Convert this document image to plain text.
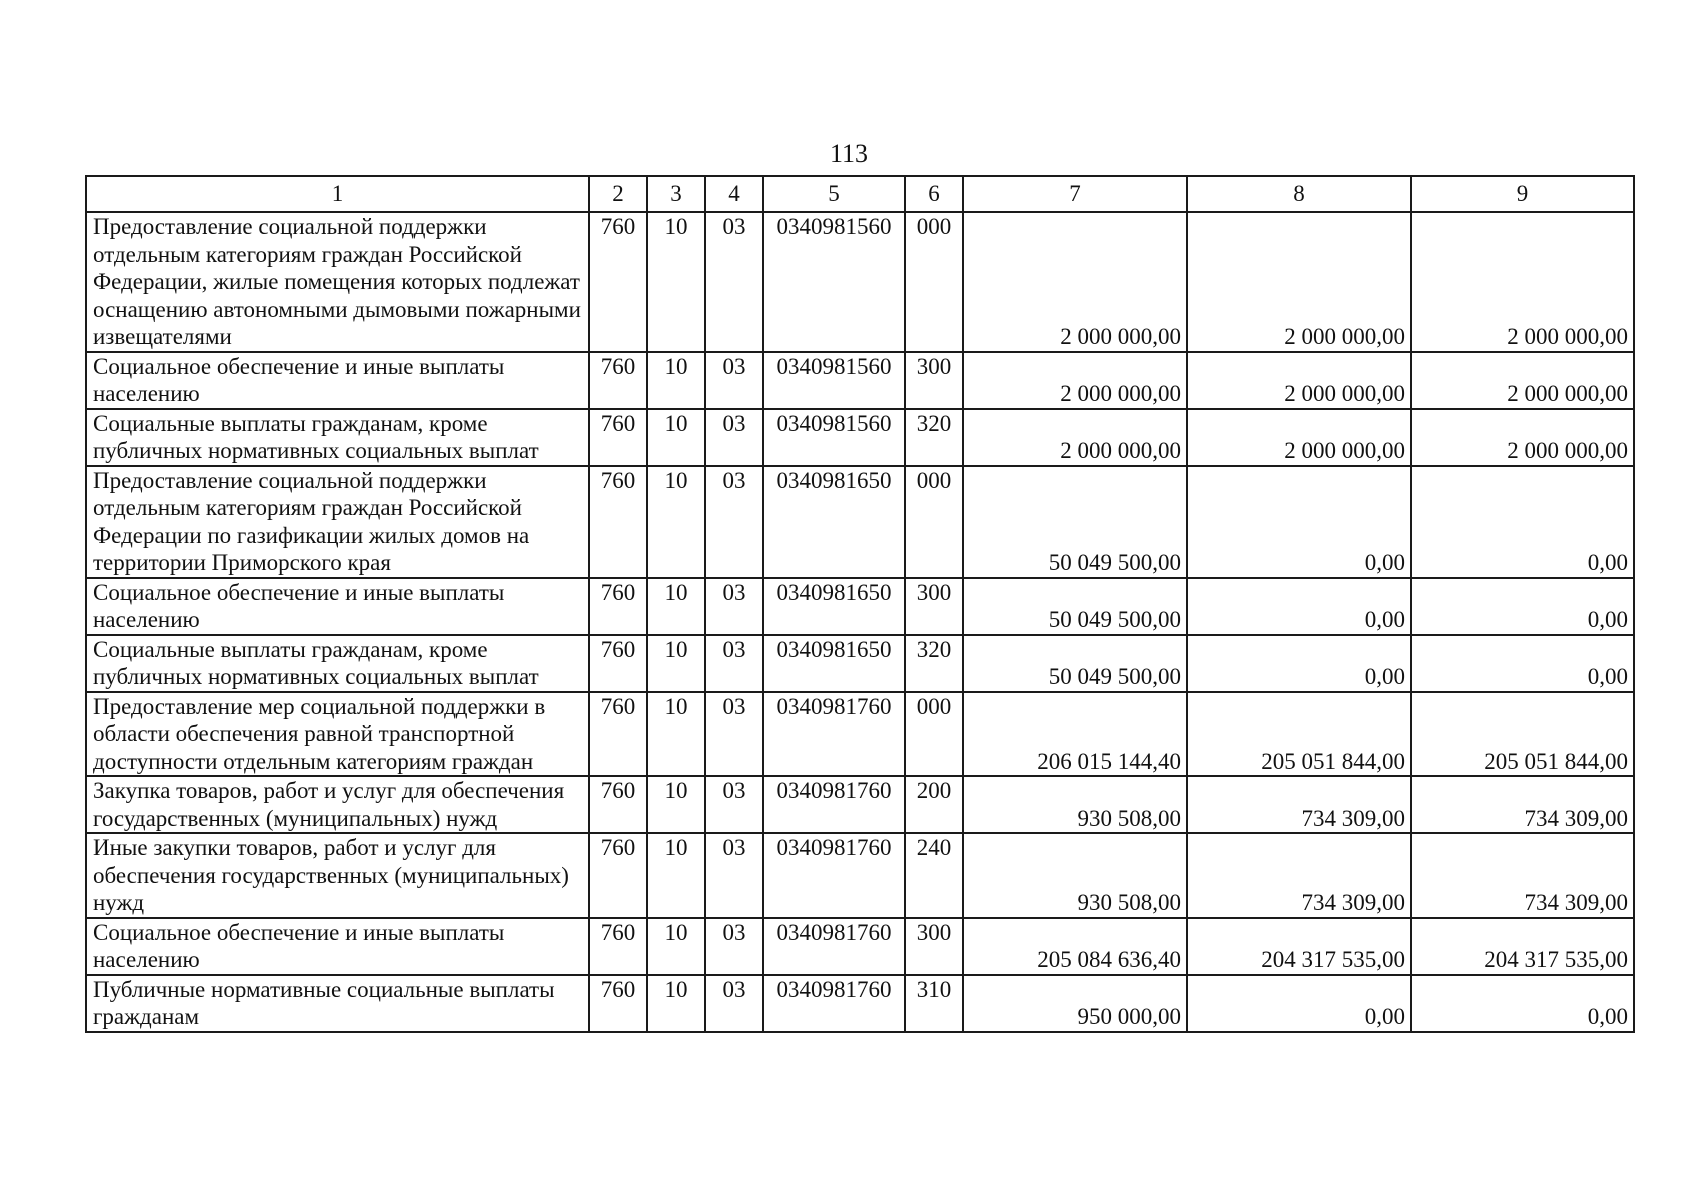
113
1	2	3	4	5	6	7	8	9
Предоставление социальной поддержки отдельным категориям граждан Российской Федерации, жилые помещения которых подлежат оснащению автономными дымовыми пожарными извещателями	760	10	03	0340981560	000	2 000 000,00	2 000 000,00	2 000 000,00
Социальное обеспечение и иные выплаты населению	760	10	03	0340981560	300	2 000 000,00	2 000 000,00	2 000 000,00
Социальные выплаты гражданам, кроме публичных нормативных социальных выплат	760	10	03	0340981560	320	2 000 000,00	2 000 000,00	2 000 000,00
Предоставление социальной поддержки отдельным категориям граждан Российской Федерации по газификации жилых домов на территории Приморского края	760	10	03	0340981650	000	50 049 500,00	0,00	0,00
Социальное обеспечение и иные выплаты населению	760	10	03	0340981650	300	50 049 500,00	0,00	0,00
Социальные выплаты гражданам, кроме публичных нормативных социальных выплат	760	10	03	0340981650	320	50 049 500,00	0,00	0,00
Предоставление мер социальной поддержки в области обеспечения равной транспортной доступности отдельным категориям граждан	760	10	03	0340981760	000	206 015 144,40	205 051 844,00	205 051 844,00
Закупка товаров, работ и услуг для обеспечения государственных (муниципальных) нужд	760	10	03	0340981760	200	930 508,00	734 309,00	734 309,00
Иные закупки товаров, работ и услуг для обеспечения государственных (муниципальных) нужд	760	10	03	0340981760	240	930 508,00	734 309,00	734 309,00
Социальное обеспечение и иные выплаты населению	760	10	03	0340981760	300	205 084 636,40	204 317 535,00	204 317 535,00
Публичные нормативные социальные выплаты гражданам	760	10	03	0340981760	310	950 000,00	0,00	0,00
